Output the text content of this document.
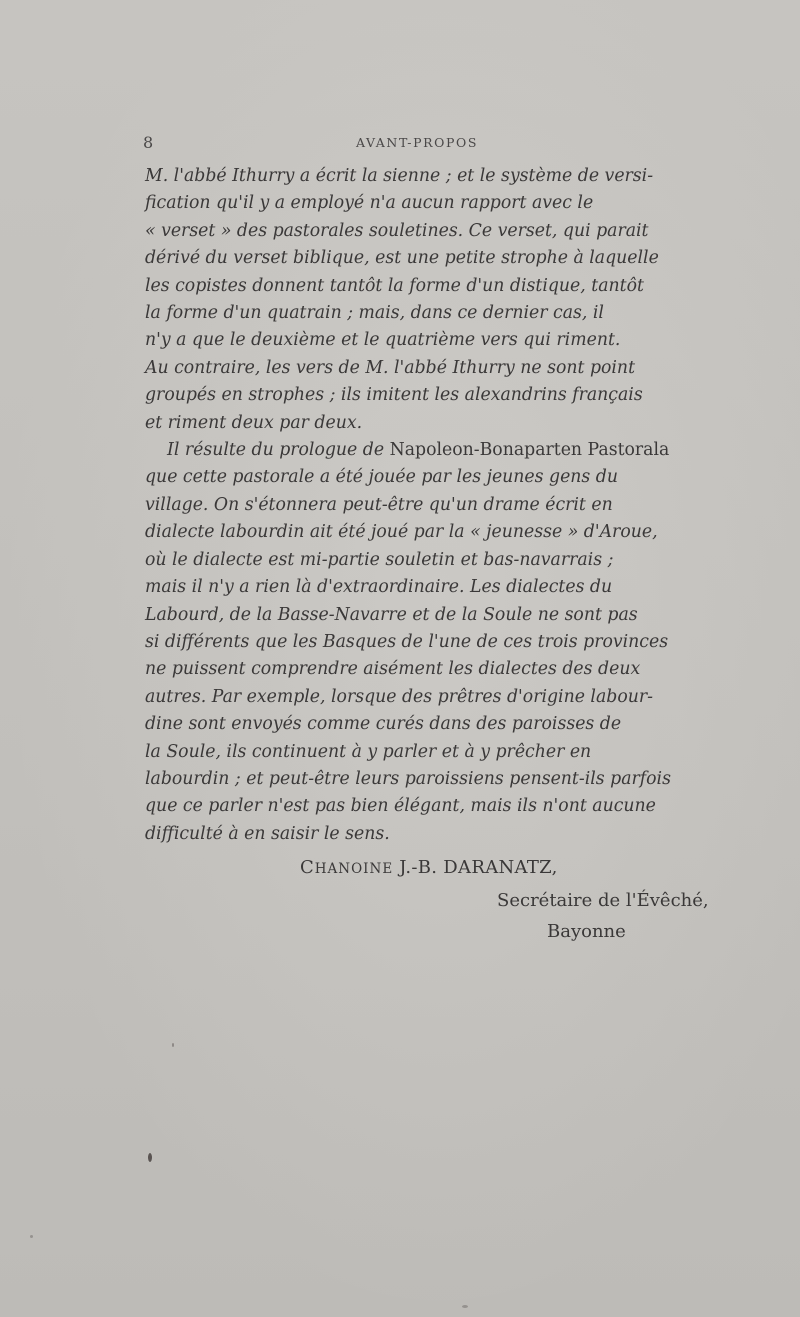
8	AVANT-PROPOS
M. l'abbé Ithurry a écrit la sienne ; et le système de versi-
fication qu'il y a employé n'a aucun rapport avec le
« verset » des pastorales souletines. Ce verset, qui parait
dérivé du verset biblique, est une petite strophe à laquelle
les copistes donnent tantôt la forme d'un distique, tantôt
la forme d'un quatrain ; mais, dans ce dernier cas, il
n'y a que le deuxième et le quatrième vers qui riment.
Au contraire, les vers de M. l'abbé Ithurry ne sont point
groupés en strophes ; ils imitent les alexandrins français
et riment deux par deux.
Il résulte du prologue de Napoleon-Bonaparten Pastorala
que cette pastorale a été jouée par les jeunes gens du
village. On s'étonnera peut-être qu'un drame écrit en
dialecte labourdin ait été joué par la « jeunesse » d'Aroue,
où le dialecte est mi-partie souletin et bas-navarrais ;
mais il n'y a rien là d'extraordinaire. Les dialectes du
Labourd, de la Basse-Navarre et de la Soule ne sont pas
si différents que les Basques de l'une de ces trois provinces
ne puissent comprendre aisément les dialectes des deux
autres. Par exemple, lorsque des prêtres d'origine labour-
dine sont envoyés comme curés dans des paroisses de
la Soule, ils continuent à y parler et à y prêcher en
labourdin ; et peut-être leurs paroissiens pensent-ils parfois
que ce parler n'est pas bien élégant, mais ils n'ont aucune
difficulté à en saisir le sens.
CHANOINE J.-B. DARANATZ,
Secrétaire de l'Évêché,
Bayonne
